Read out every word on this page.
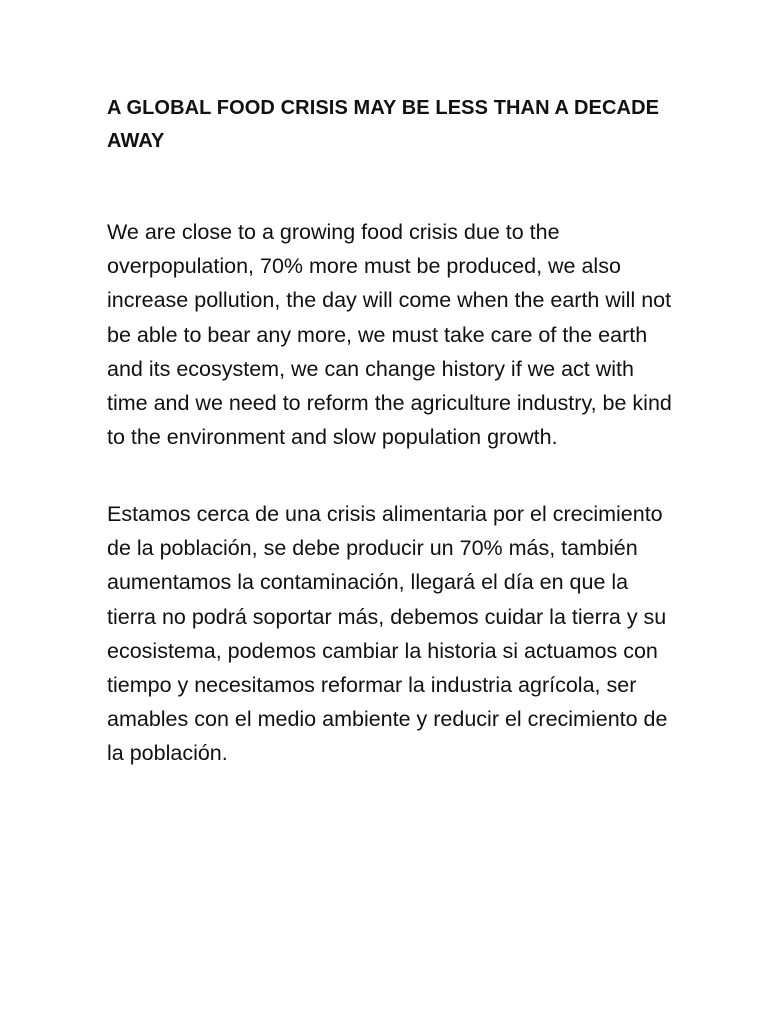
A GLOBAL FOOD CRISIS MAY BE LESS THAN A DECADE AWAY

We are close to a growing food crisis due to the overpopulation, 70% more must be produced, we also increase pollution, the day will come when the earth will not be able to bear any more, we must take care of the earth and its ecosystem, we can change history if we act with time and we need to reform the agriculture industry, be kind to the environment and slow population growth.

Estamos cerca de una crisis alimentaria por el crecimiento de la población, se debe producir un 70% más, también aumentamos la contaminación, llegará el día en que la tierra no podrá soportar más, debemos cuidar la tierra y su ecosistema, podemos cambiar la historia si actuamos con tiempo y necesitamos reformar la industria agrícola, ser amables con el medio ambiente y reducir el crecimiento de la población.
